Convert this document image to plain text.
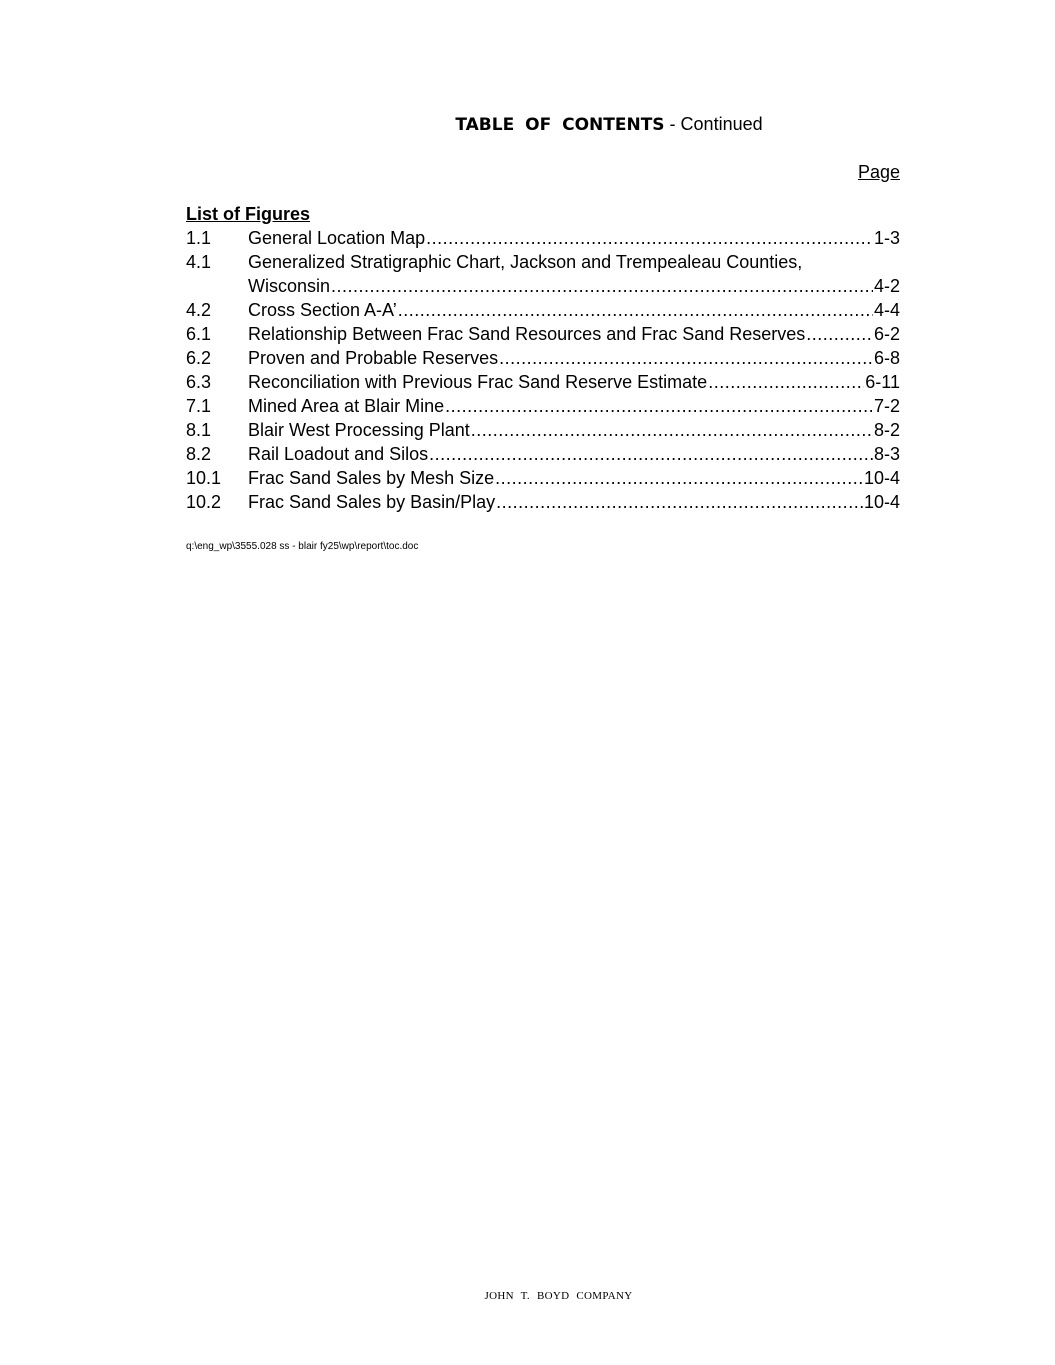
TABLE OF CONTENTS - Continued
Page
List of Figures
1.1	General Location Map .....	1-3
4.1	Generalized Stratigraphic Chart, Jackson and Trempealeau Counties,
Wisconsin .....	4-2
4.2	Cross Section A-A’ .....	4-4
6.1	Relationship Between Frac Sand Resources and Frac Sand Reserves .....	6-2
6.2	Proven and Probable Reserves .....	6-8
6.3	Reconciliation with Previous Frac Sand Reserve Estimate .....	6-11
7.1	Mined Area at Blair Mine .....	7-2
8.1	Blair West Processing Plant .....	8-2
8.2	Rail Loadout and Silos .....	8-3
10.1	Frac Sand Sales by Mesh Size .....	10-4
10.2	Frac Sand Sales by Basin/Play .....	10-4
q:\eng_wp\3555.028 ss - blair fy25\wp\report\toc.doc
JOHN T. BOYD COMPANY
